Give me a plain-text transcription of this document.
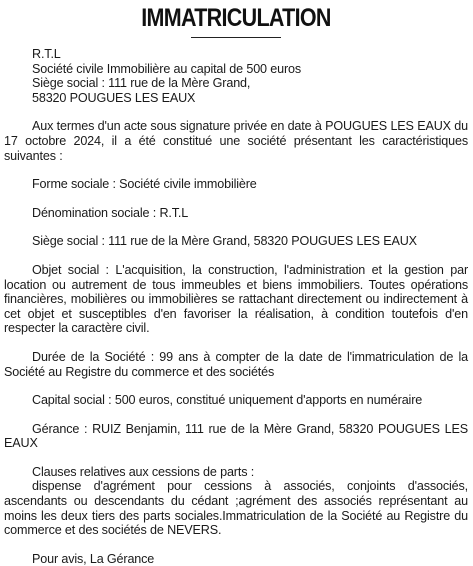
IMMATRICULATION
R.T.L
Société civile Immobilière au capital de 500 euros
Siège social : 111 rue de la Mère Grand,
58320 POUGUES LES EAUX

Aux termes d'un acte sous signature privée en date à POUGUES LES EAUX du 17 octobre 2024, il a été constitué une société présentant les caractéristiques suivantes :

Forme sociale : Société civile immobilière

Dénomination sociale : R.T.L

Siège social : 111 rue de la Mère Grand, 58320 POUGUES LES EAUX

Objet social : L'acquisition, la construction, l'administration et la gestion par location ou autrement de tous immeubles et biens immobiliers. Toutes opérations financières, mobilières ou immobilières se rattachant directement ou indirectement à cet objet et susceptibles d'en favoriser la réalisation, à condition toutefois d'en respecter la caractère civil.

Durée de la Société : 99 ans à compter de la date de l'immatriculation de la Société au Registre du commerce et des sociétés

Capital social : 500 euros, constitué uniquement d'apports en numéraire

Gérance : RUIZ Benjamin, 111 rue de la Mère Grand, 58320 POUGUES LES EAUX

Clauses relatives aux cessions de parts :

dispense d'agrément pour cessions à associés, conjoints d'associés, ascendants ou descendants du cédant ;agrément des associés représentant au moins les deux tiers des parts sociales.Immatriculation de la Société au Registre du commerce et des sociétés de NEVERS.

Pour avis, La Gérance
